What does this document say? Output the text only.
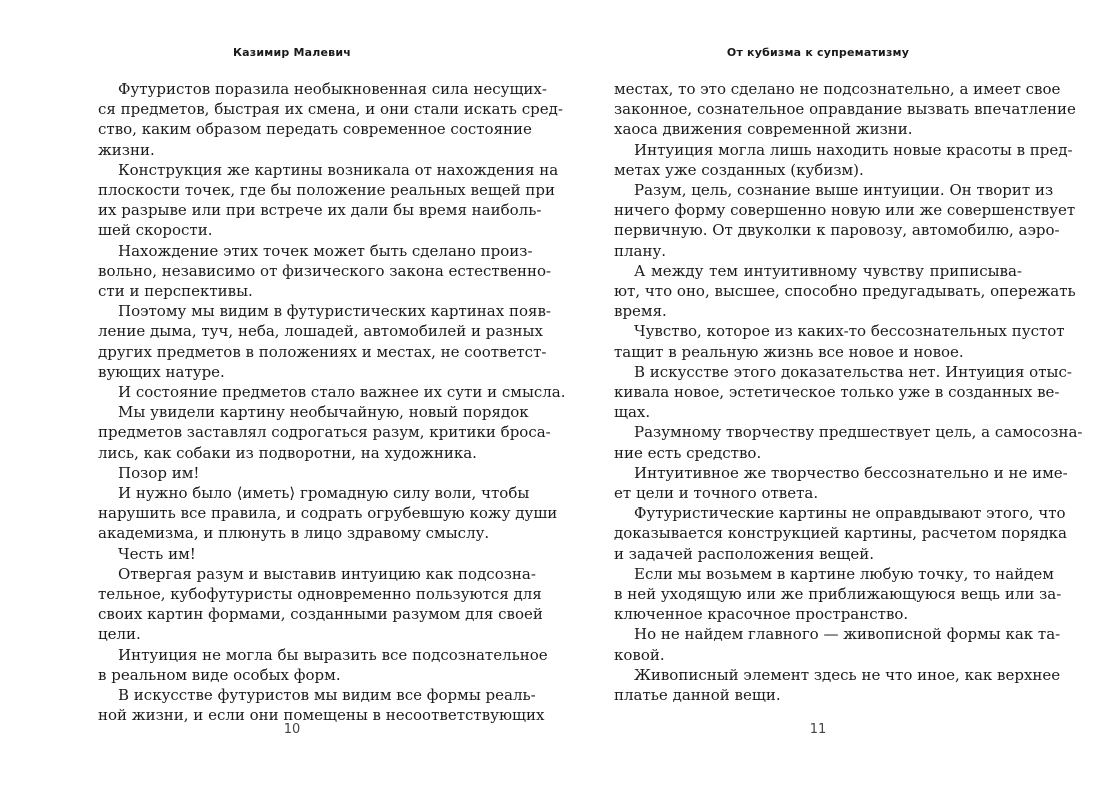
Казимир Малевич
Футуристов поразила необыкновенная сила несущих-
ся предметов, быстрая их смена, и они стали искать сред-
ство, каким образом передать современное состояние
жизни.
Конструкция же картины возникала от нахождения на
плоскости точек, где бы положение реальных вещей при
их разрыве или при встрече их дали бы время наиболь-
шей скорости.
Нахождение этих точек может быть сделано произ-
вольно, независимо от физического закона естественно-
сти и перспективы.
Поэтому мы видим в футуристических картинах появ-
ление дыма, туч, неба, лошадей, автомобилей и разных
других предметов в положениях и местах, не соответст-
вующих натуре.
И состояние предметов стало важнее их сути и смысла.
Мы увидели картину необычайную, новый порядок
предметов заставлял содрогаться разум, критики броса-
лись, как собаки из подворотни, на художника.
Позор им!
И нужно было ⟨иметь⟩ громадную силу воли, чтобы
нарушить все правила, и содрать огрубевшую кожу души
академизма, и плюнуть в лицо здравому смыслу.
Честь им!
Отвергая разум и выставив интуицию как подсозна-
тельное, кубофутуристы одновременно пользуются для
своих картин формами, созданными разумом для своей
цели.
Интуиция не могла бы выразить все подсознательное
в реальном виде особых форм.
В искусстве футуристов мы видим все формы реаль-
ной жизни, и если они помещены в несоответствующих
10
От кубизма к супрематизму
местах, то это сделано не подсознательно, а имеет свое
законное, сознательное оправдание вызвать впечатление
хаоса движения современной жизни.
Интуиция могла лишь находить новые красоты в пред-
метах уже созданных (кубизм).
Разум, цель, сознание выше интуиции. Он творит из
ничего форму совершенно новую или же совершенствует
первичную. От двуколки к паровозу, автомобилю, аэро-
плану.
А между тем интуитивному чувству приписыва-
ют, что оно, высшее, способно предугадывать, опережать
время.
Чувство, которое из каких-то бессознательных пустот
тащит в реальную жизнь все новое и новое.
В искусстве этого доказательства нет. Интуиция отыс-
кивала новое, эстетическое только уже в созданных ве-
щах.
Разумному творчеству предшествует цель, а самосозна-
ние есть средство.
Интуитивное же творчество бессознательно и не име-
ет цели и точного ответа.
Футуристические картины не оправдывают этого, что
доказывается конструкцией картины, расчетом порядка
и задачей расположения вещей.
Если мы возьмем в картине любую точку, то найдем
в ней уходящую или же приближающуюся вещь или за-
ключенное красочное пространство.
Но не найдем главного — живописной формы как та-
ковой.
Живописный элемент здесь не что иное, как верхнее
платье данной вещи.
11
